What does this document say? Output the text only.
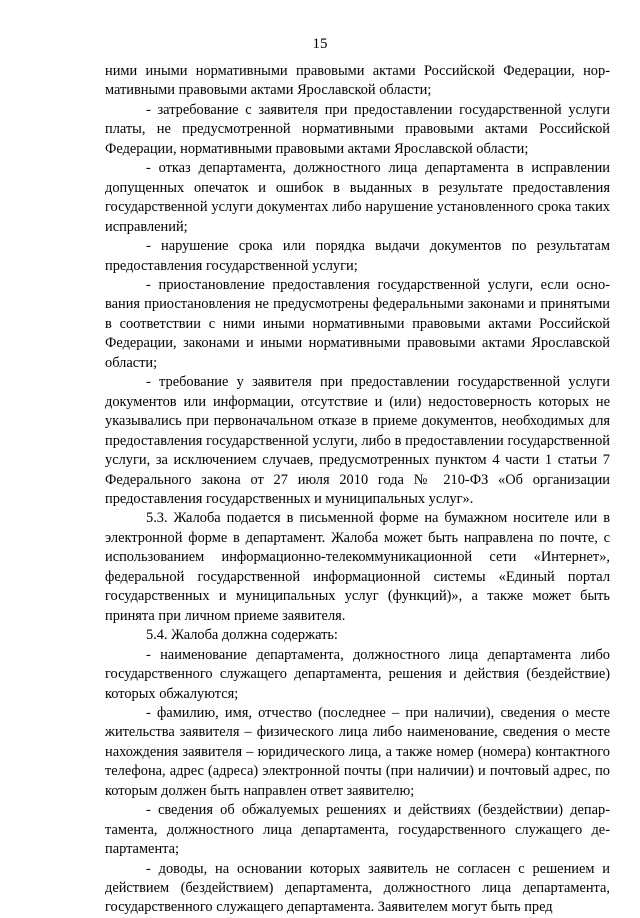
15

ними иными нормативными правовыми актами Российской Федерации, нормативными правовыми актами Ярославской области;

- затребование с заявителя при предоставлении государственной услуги платы, не предусмотренной нормативными правовыми актами Российской Федерации, нормативными правовыми актами Ярославской области;

- отказ департамента, должностного лица департамента в исправлении допущенных опечаток и ошибок в выданных в результате предоставления государственной услуги документах либо нарушение установленного срока таких исправлений;

- нарушение срока или порядка выдачи документов по результатам предоставления государственной услуги;

- приостановление предоставления государственной услуги, если основания приостановления не предусмотрены федеральными законами и принятыми в соответствии с ними иными нормативными правовыми актами Российской Федерации, законами и иными нормативными правовыми актами Ярославской области;

- требование у заявителя при предоставлении государственной услуги документов или информации, отсутствие и (или) недостоверность которых не указывались при первоначальном отказе в приеме документов, необходимых для предоставления государственной услуги, либо в предоставлении государственной услуги, за исключением случаев, предусмотренных пунктом 4 части 1 статьи 7 Федерального закона от 27 июля 2010 года № 210-ФЗ «Об организации предоставления государственных и муниципальных услуг».

5.3. Жалоба подается в письменной форме на бумажном носителе или в электронной форме в департамент. Жалоба может быть направлена по почте, с использованием информационно-телекоммуникационной сети «Интернет», федеральной государственной информационной системы «Единый портал государственных и муниципальных услуг (функций)», а также может быть принята при личном приеме заявителя.

5.4. Жалоба должна содержать:

- наименование департамента, должностного лица департамента либо государственного служащего департамента, решения и действия (бездействие) которых обжалуются;

- фамилию, имя, отчество (последнее – при наличии), сведения о месте жительства заявителя – физического лица либо наименование, сведения о месте нахождения заявителя – юридического лица, а также номер (номера) контактного телефона, адрес (адреса) электронной почты (при наличии) и почтовый адрес, по которым должен быть направлен ответ заявителю;

- сведения об обжалуемых решениях и действиях (бездействии) департамента, должностного лица департамента, государственного служащего департамента;

- доводы, на основании которых заявитель не согласен с решением и действием (бездействием) департамента, должностного лица департамента, государственного служащего департамента. Заявителем могут быть пред
